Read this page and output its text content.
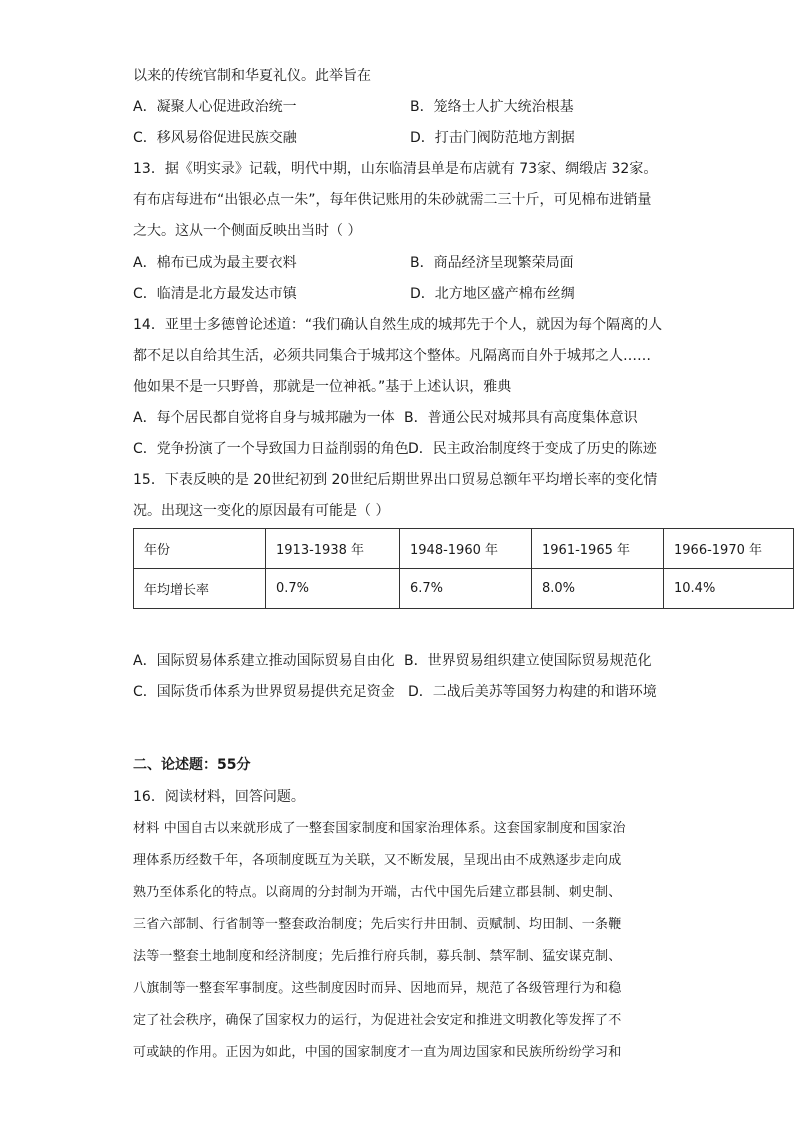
以来的传统官制和华夏礼仪。此举旨在
A．凝聚人心促进政治统一	B．笼络士人扩大统治根基
C．移风易俗促进民族交融	D．打击门阀防范地方割据
13．据《明实录》记载，明代中期，山东临清县单是布店就有 73家、绸缎店 32家。
有布店每进布“出银必点一朱”，每年供记账用的朱砂就需二三十斤，可见棉布进销量
之大。这从一个侧面反映出当时（ ）
A．棉布已成为最主要衣料	B．商品经济呈现繁荣局面
C．临清是北方最发达市镇	D．北方地区盛产棉布丝绸
14．亚里士多德曾论述道：“我们确认自然生成的城邦先于个人，就因为每个隔离的人
都不足以自给其生活，必须共同集合于城邦这个整体。凡隔离而自外于城邦之人……
他如果不是一只野兽，那就是一位神祇。”基于上述认识，雅典
A．每个居民都自觉将自身与城邦融为一体 B．普通公民对城邦具有高度集体意识
C．党争扮演了一个导致国力日益削弱的角色 D．民主政治制度终于变成了历史的陈迹
15．下表反映的是 20世纪初到 20世纪后期世界出口贸易总额年平均增长率的变化情
况。出现这一变化的原因最有可能是（ ）
年份	1913-1938 年	1948-1960 年	1961-1965 年	1966-1970 年
年均增长率	0.7%	6.7%	8.0%	10.4%
A．国际贸易体系建立推动国际贸易自由化 B．世界贸易组织建立使国际贸易规范化
C．国际货币体系为世界贸易提供充足资金 D．二战后美苏等国努力构建的和谐环境
二、论述题：55分
16．阅读材料，回答问题。
材料 中国自古以来就形成了一整套国家制度和国家治理体系。这套国家制度和国家治
理体系历经数千年，各项制度既互为关联，又不断发展，呈现出由不成熟逐步走向成
熟乃至体系化的特点。以商周的分封制为开端，古代中国先后建立郡县制、刺史制、
三省六部制、行省制等一整套政治制度；先后实行井田制、贡赋制、均田制、一条鞭
法等一整套土地制度和经济制度；先后推行府兵制，募兵制、禁军制、猛安谋克制、
八旗制等一整套军事制度。这些制度因时而异、因地而异，规范了各级管理行为和稳
定了社会秩序，确保了国家权力的运行，为促进社会安定和推进文明教化等发挥了不
可或缺的作用。正因为如此，中国的国家制度才一直为周边国家和民族所纷纷学习和
